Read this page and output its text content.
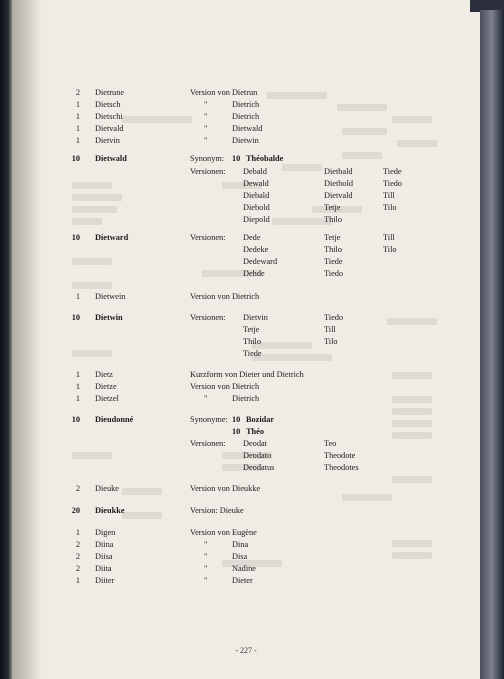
2 Dietrune	Version von Dietrun
1 Dietsch	"	Dietrich
1 Dietschi	"	Dietrich
1 Dietvald	"	Dietwald
1 Dietvin	"	Dietwin
10 Dietwald	Synonym: 10 Théobalde
Versionen: Debald	Dietbald	Tiede
Dewald	Dietbold	Tiedo
Diebald	Dietvald	Till
Diebold	Tetje	Tilo
Diepold	Thilo
10 Dietward	Versionen: Dede	Tetje	Till
Dedeke	Thilo	Tilo
Dedeward	Tiede
Dehde	Tiedo
1 Dietwein	Version von Dietrich
10 Dietwin	Versionen: Dietvin	Tiedo
Tetje	Till
Thilo	Tilo
Tiede
1 Dietz	Kurzform von Dieter und Dietrich
1 Dietze	Version von Dietrich
1 Dietzel	"	Dietrich
10 Dieudonné	Synonyme: 10 Bozidar
10 Théo
Versionen: Deodat	Teo
Deodato	Theodote
Deodatus	Theodotes
2 Dieuke	Version von Dieukke
20 Dieukke	Version: Dieuke
1 Digen	Version von Eugène
2 Diina	"	Dina
2 Diisa	"	Disa
2 Diita	"	Nadine
1 Diiter	"	Dieter
- 227 -
